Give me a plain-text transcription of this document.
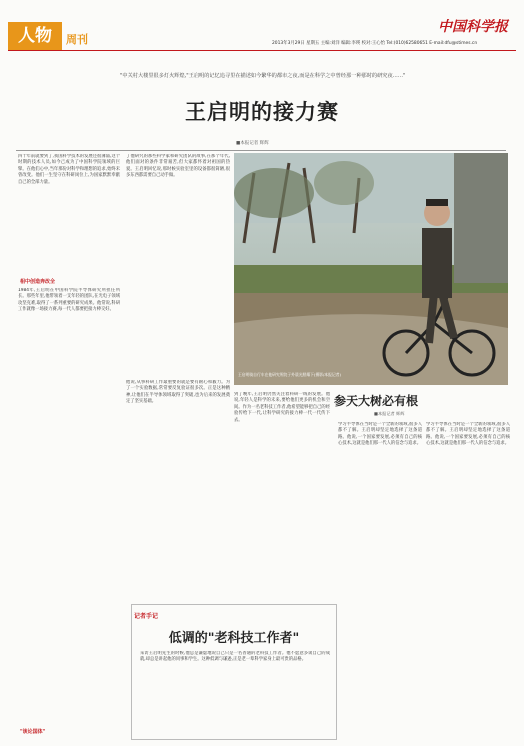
人物	周刊
中国科学报
2013年3月29日 星期五 主编:刘洋 编辑:李瑛 校对:王心怡 Tel:(010)62580651 E-mail:dfu@stimes.cn
"中关村大楼里很多灯火辉煌,"王启明的记忆追寻里在描述如今繁华的都市之夜,而是在科学之中曾经那一种那时的研究夜……"
王启明的接力赛
■本报记者 辉辉
四十年前就要到了,我国科学技术的发展还很薄弱,这个时期的技术人员,如今己成为了中国科学院领域的巨擘。在他们心中,当年那份对科学和理想的追求,始终未曾改变。他们一生坚守在科研岗位上,为国家默默奉献自己的全部力量。
相中创造奔改全
1984年,王启明在中国科学院半导体研究所担任所长。那些年里,他带领着一支年轻的团队,在光电子领域攻坚克难,取得了一系列重要的研究成果。他常说,科研工作就像一场接力赛,每一代人都要把接力棒交好。
"谈论国体"
了他研究的那些科学家和研究团队的故事,在那个年代,他们面对的条件非常艰苦,但大家都怀着对祖国的热爱。王启明回忆说,那时候实验室里的设备都很简陋,很多东西都需要自己动手做。
他说,从事科研工作最重要的就是要有耐心和毅力。为了一个实验数据,常常要反复验证很多次。正是这种精神,让他们在半导体领域取得了突破,也为后来的发展奠定了坚实基础。
王启明骑自行车在他研究所院子外晨光照耀下(摄影/本报记者)
参天大树必有根
■本报记者 辉辉
到了晚年,王启明仍然关注着科研一线的发展。他说,年轻人是科学的未来,要给他们更多的机会和空间。作为一名老科技工作者,他希望能够把自己的经验传给下一代,让科学研究的接力棒一代一代传下去。
学习半导体在当时是一个全新的领域,很多人都不了解。王启明却坚定地选择了这条道路。他说,一个国家要发展,必须有自己的核心技术,这就是他们那一代人的信念与追求。
学习半导体在当时是一个全新的领域,很多人都不了解。王启明却坚定地选择了这条道路。他说,一个国家要发展,必须有自己的核心技术,这就是他们那一代人的信念与追求。
记者手记
低调的"老科技工作者"
采访王启明先生的时候,他总是谦虚地说自己只是一名普通的老科技工作者。他不愿意多谈自己的成就,却总是讲起他的同事和学生。这种低调与谦逊,正是老一辈科学家身上最可贵的品格。
